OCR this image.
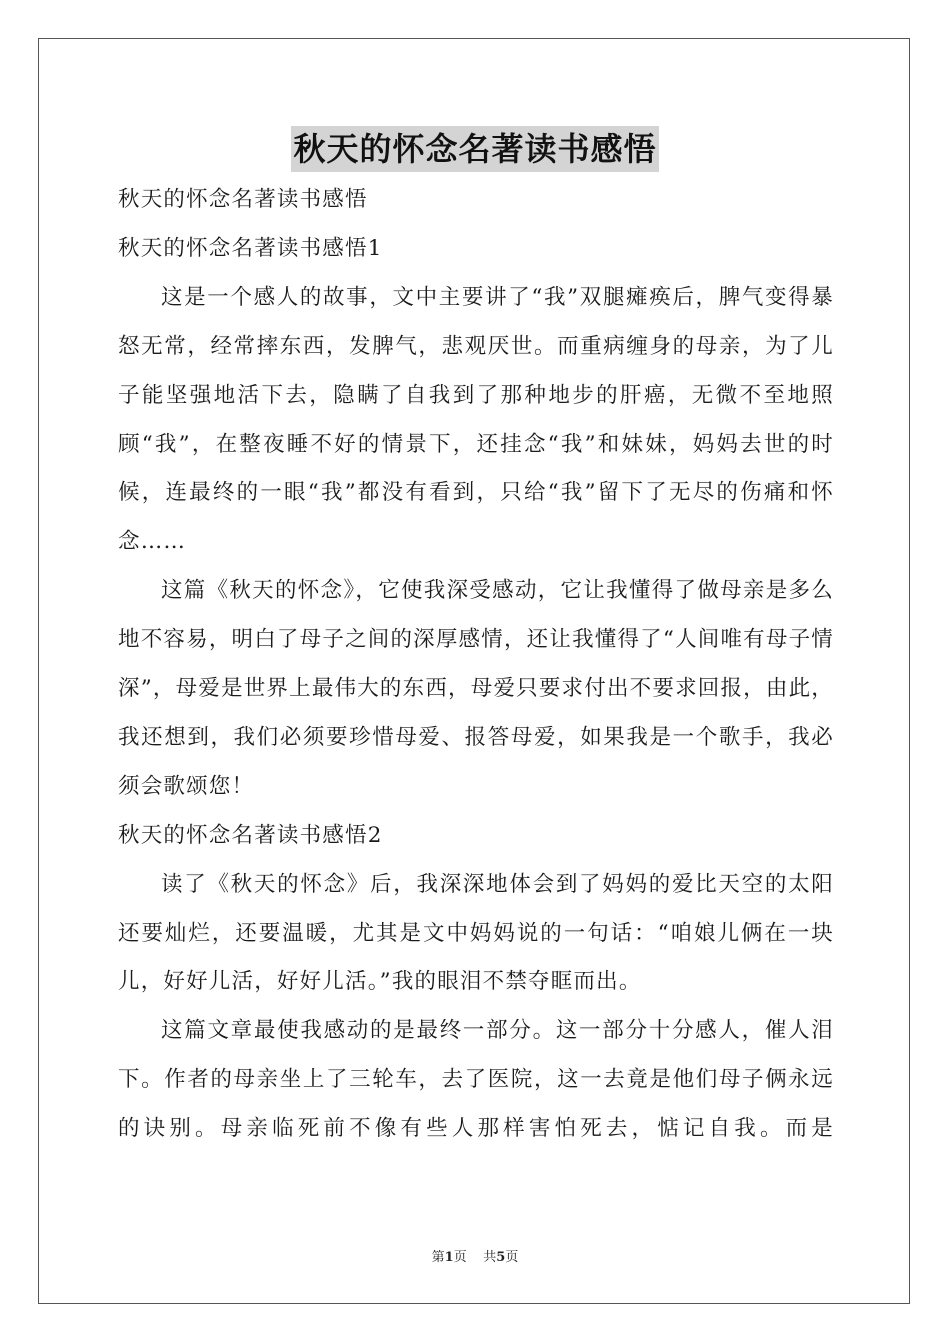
秋天的怀念名著读书感悟
秋天的怀念名著读书感悟
秋天的怀念名著读书感悟1

这是一个感人的故事，文中主要讲了“我”双腿瘫痪后，脾气变得暴怒无常，经常摔东西，发脾气，悲观厌世。而重病缠身的母亲，为了儿子能坚强地活下去，隐瞒了自我到了那种地步的肝癌，无微不至地照顾“我”，在整夜睡不好的情景下，还挂念“我”和妹妹，妈妈去世的时候，连最终的一眼“我”都没有看到，只给“我”留下了无尽的伤痛和怀念……

这篇《秋天的怀念》，它使我深受感动，它让我懂得了做母亲是多么地不容易，明白了母子之间的深厚感情，还让我懂得了“人间唯有母子情深”，母爱是世界上最伟大的东西，母爱只要求付出不要求回报，由此，我还想到，我们必须要珍惜母爱、报答母爱，如果我是一个歌手，我必须会歌颂您！

秋天的怀念名著读书感悟2

读了《秋天的怀念》后，我深深地体会到了妈妈的爱比天空的太阳还要灿烂，还要温暖，尤其是文中妈妈说的一句话：“咱娘儿俩在一块儿，好好儿活，好好儿活。”我的眼泪不禁夺眶而出。

这篇文章最使我感动的是最终一部分。这一部分十分感人，催人泪下。作者的母亲坐上了三轮车，去了医院，这一去竟是他们母子俩永远的诀别。母亲临死前不像有些人那样害怕死去，惦记自我。而是

第1页 共5页
